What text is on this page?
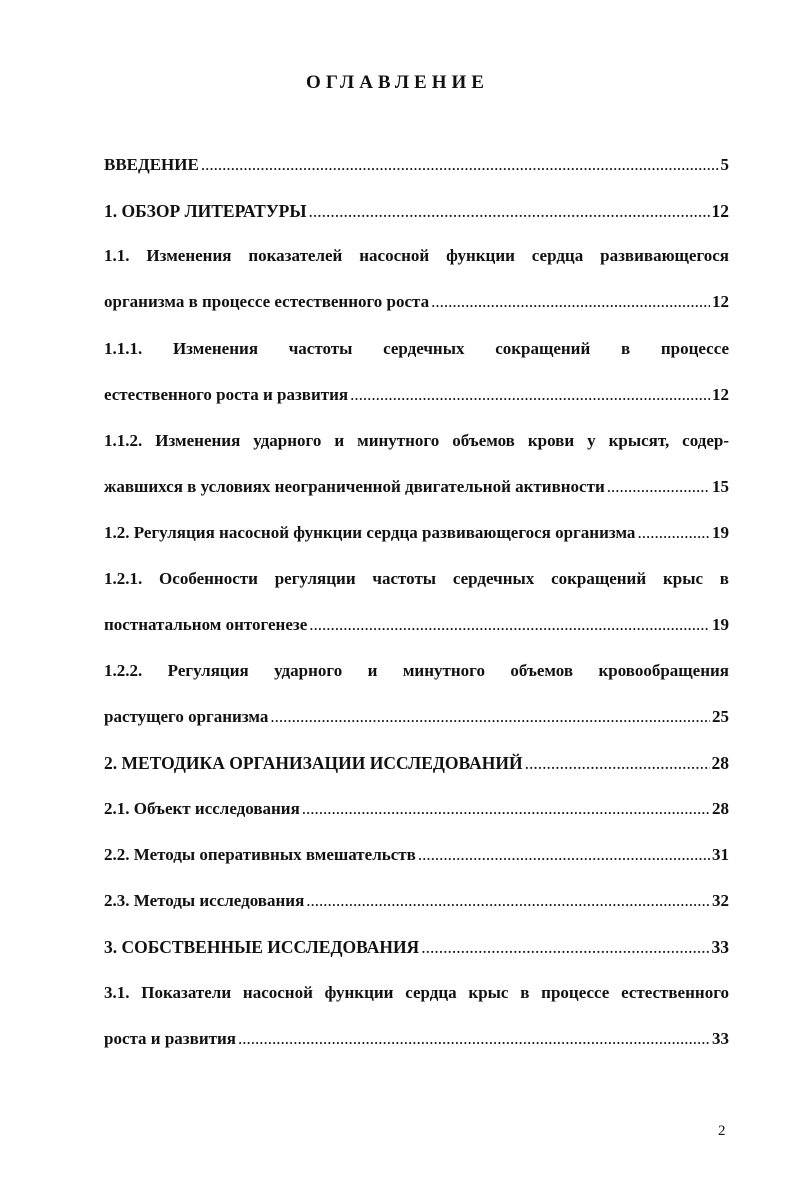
ОГЛАВЛЕНИЕ
ВВЕДЕНИЕ .....	5
1. ОБЗОР ЛИТЕРАТУРЫ .....	12
1.1. Изменения показателей насосной функции сердца развивающегося
организма в процессе естественного роста .....	12
1.1.1. Изменения частоты сердечных сокращений в процессе
естественного роста и развития .....	12
1.1.2. Изменения ударного и минутного объемов крови у крысят, содер-
жавшихся в условиях неограниченной двигательной активности .....	15
1.2. Регуляция насосной функции сердца развивающегося организма .....	19
1.2.1. Особенности регуляции частоты сердечных сокращений крыс в
постнатальном онтогенезе .....	19
1.2.2. Регуляция ударного и минутного объемов кровообращения
растущего организма .....	25
2. МЕТОДИКА ОРГАНИЗАЦИИ ИССЛЕДОВАНИЙ .....	28
2.1. Объект исследования .....	28
2.2. Методы оперативных вмешательств .....	31
2.3. Методы исследования .....	32
3. СОБСТВЕННЫЕ ИССЛЕДОВАНИЯ .....	33
3.1. Показатели насосной функции сердца крыс в процессе естественного
роста и развития .....	33
2
